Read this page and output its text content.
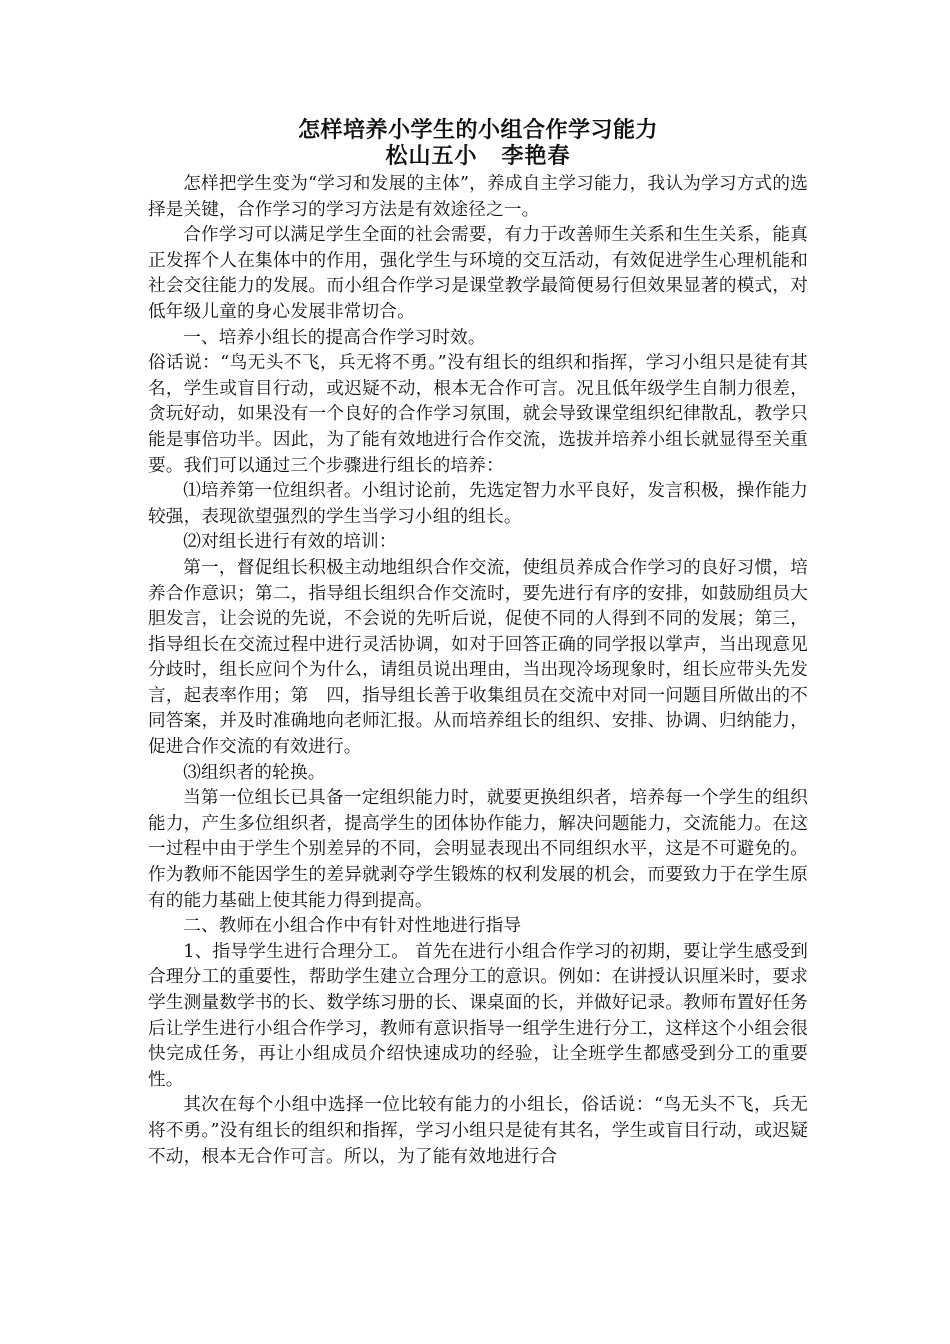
怎样培养小学生的小组合作学习能力
松山五小 李艳春

怎样把学生变为“学习和发展的主体”，养成自主学习能力，我认为学习方式的选择是关键，合作学习的学习方法是有效途径之一。

合作学习可以满足学生全面的社会需要，有力于改善师生关系和生生关系，能真正发挥个人在集体中的作用，强化学生与环境的交互活动，有效促进学生心理机能和社会交往能力的发展。而小组合作学习是课堂教学最简便易行但效果显著的模式，对低年级儿童的身心发展非常切合。

一、培养小组长的提高合作学习时效。

俗话说：“鸟无头不飞，兵无将不勇。”没有组长的组织和指挥，学习小组只是徒有其名，学生或盲目行动，或迟疑不动，根本无合作可言。况且低年级学生自制力很差，贪玩好动，如果没有一个良好的合作学习氛围，就会导致课堂组织纪律散乱，教学只能是事倍功半。因此，为了能有效地进行合作交流，选拔并培养小组长就显得至关重要。我们可以通过三个步骤进行组长的培养：

⑴培养第一位组织者。小组讨论前，先选定智力水平良好，发言积极，操作能力较强，表现欲望强烈的学生当学习小组的组长。

⑵对组长进行有效的培训：

第一，督促组长积极主动地组织合作交流，使组员养成合作学习的良好习惯，培养合作意识；第二，指导组长组织合作交流时，要先进行有序的安排，如鼓励组员大胆发言，让会说的先说，不会说的先听后说，促使不同的人得到不同的发展；第三，指导组长在交流过程中进行灵活协调，如对于回答正确的同学报以掌声，当出现意见分歧时，组长应问个为什么，请组员说出理由，当出现冷场现象时，组长应带头先发言，起表率作用；第　四，指导组长善于收集组员在交流中对同一问题目所做出的不同答案，并及时准确地向老师汇报。从而培养组长的组织、安排、协调、归纳能力，促进合作交流的有效进行。

⑶组织者的轮换。

当第一位组长已具备一定组织能力时，就要更换组织者，培养每一个学生的组织能力，产生多位组织者，提高学生的团体协作能力，解决问题能力，交流能力。在这一过程中由于学生个别差异的不同，会明显表现出不同组织水平，这是不可避免的。作为教师不能因学生的差异就剥夺学生锻炼的权利发展的机会，而要致力于在学生原有的能力基础上使其能力得到提高。

二、教师在小组合作中有针对性地进行指导

1、指导学生进行合理分工。 首先在进行小组合作学习的初期，要让学生感受到合理分工的重要性，帮助学生建立合理分工的意识。例如：在讲授认识厘米时，要求学生测量数学书的长、数学练习册的长、课桌面的长，并做好记录。教师布置好任务后让学生进行小组合作学习，教师有意识指导一组学生进行分工，这样这个小组会很快完成任务，再让小组成员介绍快速成功的经验，让全班学生都感受到分工的重要性。

其次在每个小组中选择一位比较有能力的小组长，俗话说：“鸟无头不飞，兵无将不勇。”没有组长的组织和指挥，学习小组只是徒有其名，学生或盲目行动，或迟疑不动，根本无合作可言。所以，为了能有效地进行合
